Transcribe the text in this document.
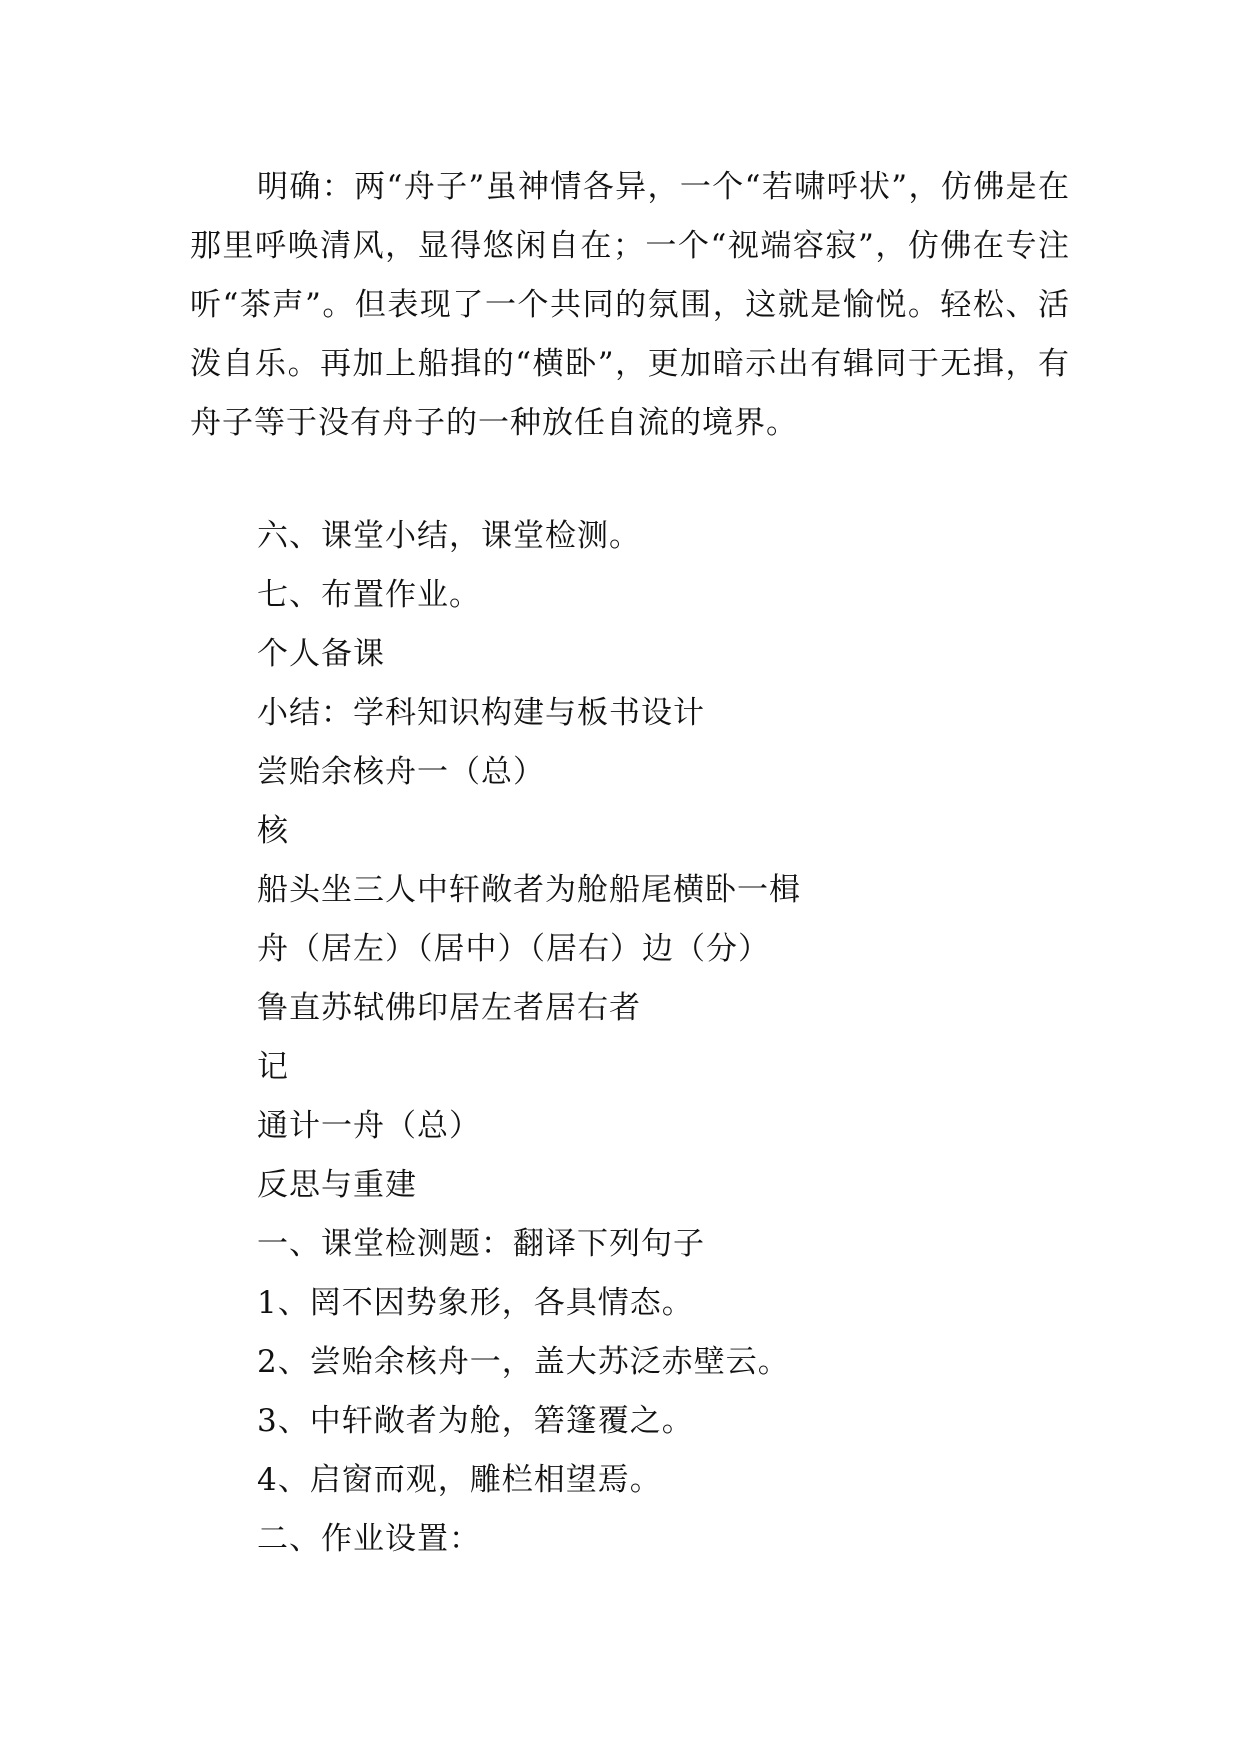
明确：两“舟子”虽神情各异，一个“若啸呼状”，仿佛是在那里呼唤清风，显得悠闲自在；一个“视端容寂”，仿佛在专注听“茶声”。但表现了一个共同的氛围，这就是愉悦。轻松、活泼自乐。再加上船揖的“横卧”，更加暗示出有辑同于无揖，有舟子等于没有舟子的一种放任自流的境界。

六、课堂小结，课堂检测。
七、布置作业。
个人备课
小结：学科知识构建与板书设计
尝贻余核舟一（总）
核
船头坐三人中轩敞者为舱船尾横卧一楫
舟（居左）（居中）（居右）边（分）
鲁直苏轼佛印居左者居右者
记
通计一舟（总）
反思与重建
一、课堂检测题：翻译下列句子
1、罔不因势象形，各具情态。
2、尝贻余核舟一，盖大苏泛赤壁云。
3、中轩敞者为舱，箬篷覆之。
4、启窗而观，雕栏相望焉。
二、作业设置：
